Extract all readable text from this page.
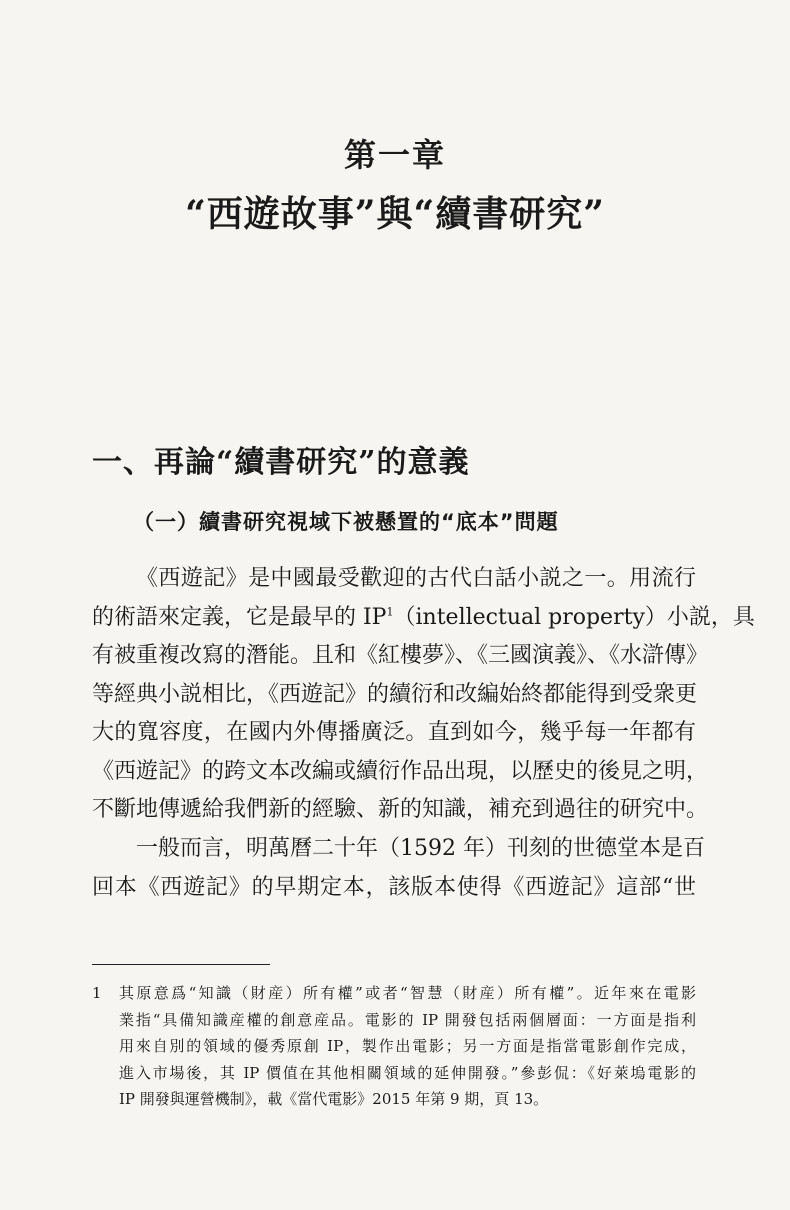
第一章
“西遊故事”與“續書研究”
一、再論“續書研究”的意義
（一）續書研究視域下被懸置的“底本”問題
《西遊記》是中國最受歡迎的古代白話小説之一。用流行
的術語來定義，它是最早的 $IP^1(intellectual$ property）小説，具
有被重複改寫的潛能。且和《紅樓夢》、《三國演義》、《水滸傳》
等經典小説相比，《西遊記》的續衍和改編始終都能得到受衆更
大的寬容度，在國内外傳播廣泛。直到如今，幾乎每一年都有
《西遊記》的跨文本改編或續衍作品出現，以歷史的後見之明，
不斷地傳遞給我們新的經驗、新的知識，補充到過往的研究中。
一般而言，明萬曆二十年（1592 年）刊刻的世德堂本是百
回本《西遊記》的早期定本，該版本使得《西遊記》這部“世
1 其原意爲“知識（財産）所有權”或者“智慧（財産）所有權”。近年來在電影
業指“具備知識産權的創意産品。電影的 IP 開發包括兩個層面：一方面是指利
用來自別的領域的優秀原創 IP，製作出電影；另一方面是指當電影創作完成，
進入市場後，其 IP 價值在其他相關領域的延伸開發。”參彭侃：《好萊塢電影的
IP 開發與運營機制》，載《當代電影》2015 年第 9 期，頁 13。
